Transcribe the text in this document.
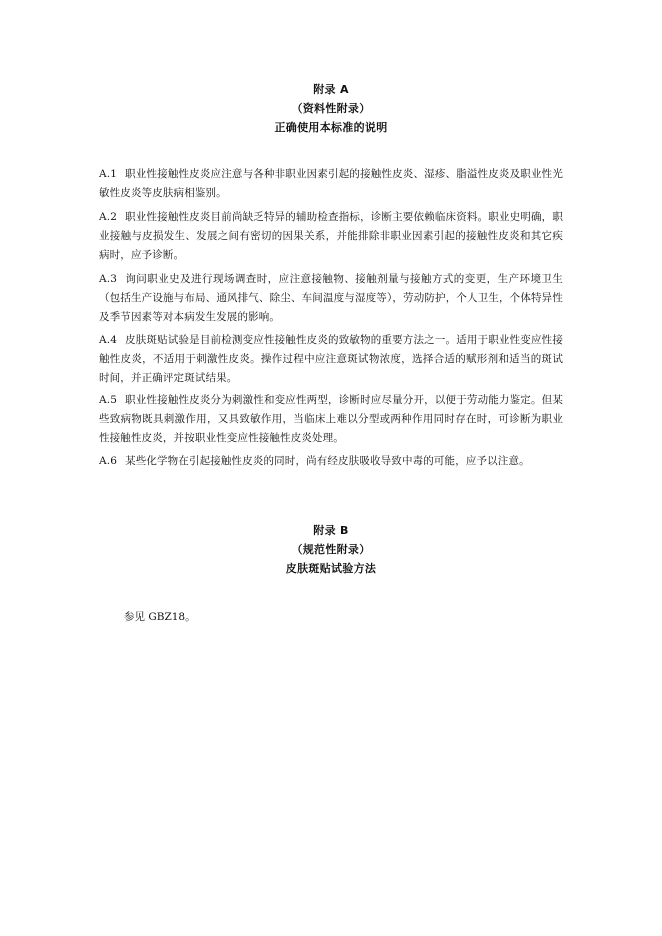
附录 A
（资料性附录）
正确使用本标准的说明
A.1 职业性接触性皮炎应注意与各种非职业因素引起的接触性皮炎、湿疹、脂溢性皮炎及职业性光敏性皮炎等皮肤病相鉴别。
A.2 职业性接触性皮炎目前尚缺乏特异的辅助检查指标，诊断主要依赖临床资料。职业史明确，职业接触与皮损发生、发展之间有密切的因果关系，并能排除非职业因素引起的接触性皮炎和其它疾病时，应予诊断。
A.3 询问职业史及进行现场调查时，应注意接触物、接触剂量与接触方式的变更，生产环境卫生（包括生产设施与布局、通风排气、除尘、车间温度与湿度等），劳动防护，个人卫生，个体特异性及季节因素等对本病发生发展的影响。
A.4 皮肤斑贴试验是目前检测变应性接触性皮炎的致敏物的重要方法之一。适用于职业性变应性接触性皮炎，不适用于刺激性皮炎。操作过程中应注意斑试物浓度，选择合适的赋形剂和适当的斑试时间，并正确评定斑试结果。
A.5 职业性接触性皮炎分为刺激性和变应性两型，诊断时应尽量分开，以便于劳动能力鉴定。但某些致病物既具刺激作用，又具致敏作用，当临床上难以分型或两种作用同时存在时，可诊断为职业性接触性皮炎，并按职业性变应性接触性皮炎处理。
A.6 某些化学物在引起接触性皮炎的同时，尚有经皮肤吸收导致中毒的可能，应予以注意。
附录 B
（规范性附录）
皮肤斑贴试验方法
参见 GBZ18。
